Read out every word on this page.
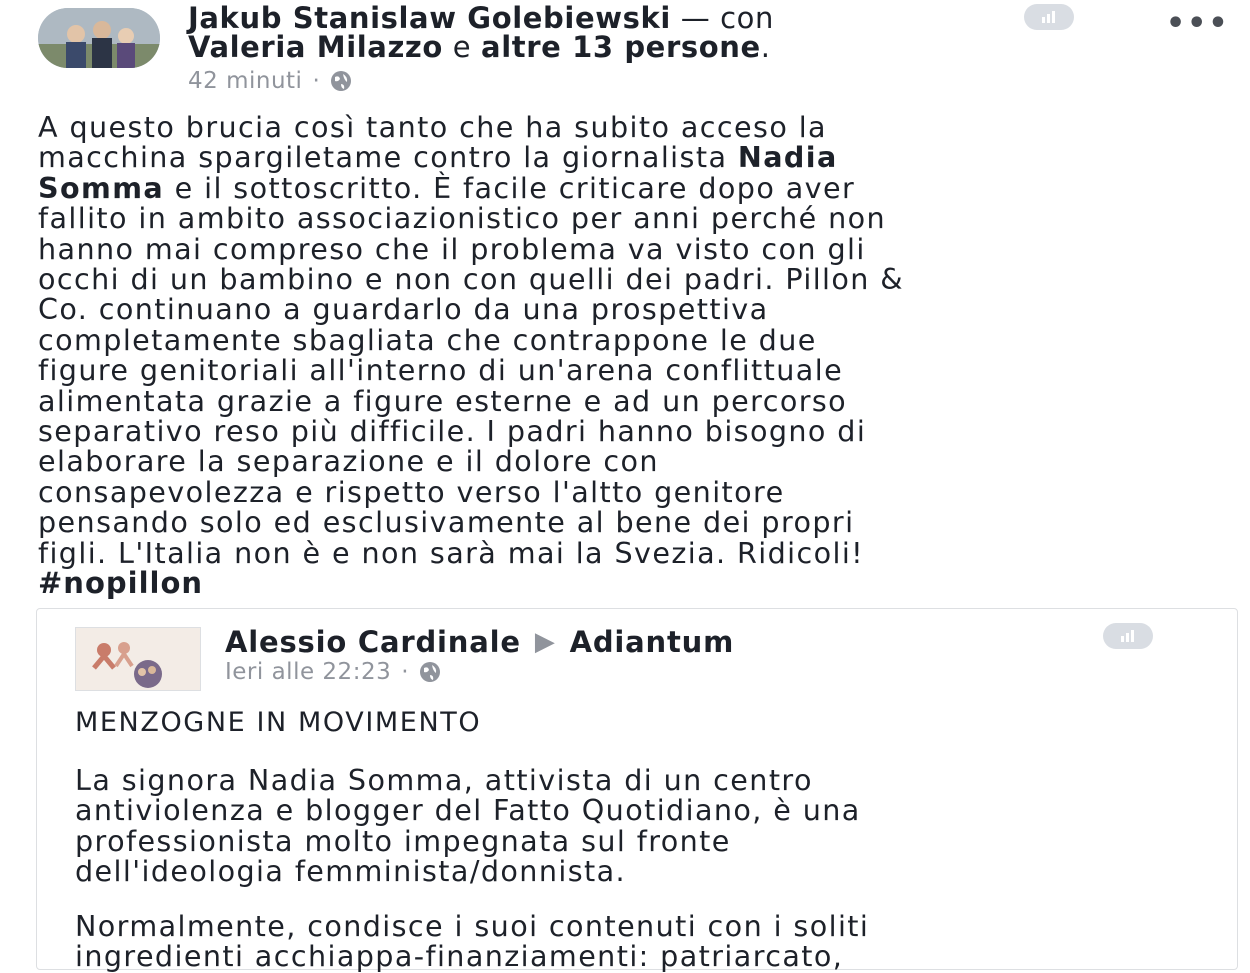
Jakub Stanislaw Golebiewski — con
Valeria Milazzo e altre 13 persone.
42 minuti ·
•••
A questo brucia così tanto che ha subito acceso la
macchina spargiletame contro la giornalista Nadia
Somma e il sottoscritto. È facile criticare dopo aver
fallito in ambito associazionistico per anni perché non
hanno mai compreso che il problema va visto con gli
occhi di un bambino e non con quelli dei padri. Pillon &
Co. continuano a guardarlo da una prospettiva
completamente sbagliata che contrappone le due
figure genitoriali all'interno di un'arena conflittuale
alimentata grazie a figure esterne e ad un percorso
separativo reso più difficile. I padri hanno bisogno di
elaborare la separazione e il dolore con
consapevolezza e rispetto verso l'altto genitore
pensando solo ed esclusivamente al bene dei propri
figli. L'Italia non è e non sarà mai la Svezia. Ridicoli!
#nopillon
Alessio Cardinale ▶ Adiantum
Ieri alle 22:23 ·
MENZOGNE IN MOVIMENTO
La signora Nadia Somma, attivista di un centro
antiviolenza e blogger del Fatto Quotidiano, è una
professionista molto impegnata sul fronte
dell'ideologia femminista/donnista.
Normalmente, condisce i suoi contenuti con i soliti
ingredienti acchiappa-finanziamenti: patriarcato,
